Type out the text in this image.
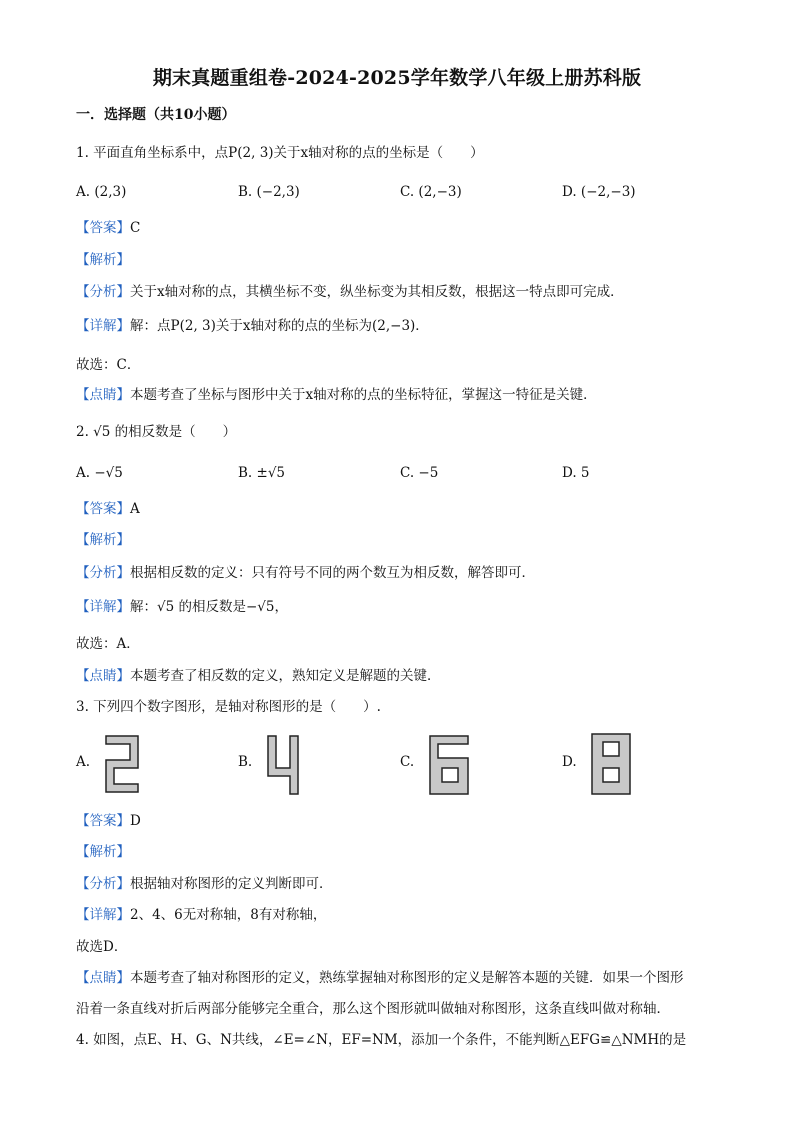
期末真题重组卷-2024-2025学年数学八年级上册苏科版
一．选择题（共10小题）
1. 平面直角坐标系中，点P(2, 3)关于x轴对称的点的坐标是（　　）
A. (2,3)	B. (−2,3)	C. (2,−3)	D. (−2,−3)
【答案】C
【解析】
【分析】关于x轴对称的点，其横坐标不变，纵坐标变为其相反数，根据这一特点即可完成．
【详解】解：点P(2, 3)关于x轴对称的点的坐标为(2,−3)．
故选：C．
【点睛】本题考查了坐标与图形中关于x轴对称的点的坐标特征，掌握这一特征是关键．
2. √5 的相反数是（　　）
A. −√5	B. ±√5	C. −5	D. 5
【答案】A
【解析】
【分析】根据相反数的定义：只有符号不同的两个数互为相反数，解答即可．
【详解】解：√5 的相反数是−√5，
故选：A．
【点睛】本题考查了相反数的定义，熟知定义是解题的关键．
3. 下列四个数字图形，是轴对称图形的是（　　）.
A.	B.	C.	D.
【答案】D
【解析】
【分析】根据轴对称图形的定义判断即可．
【详解】2、4、6无对称轴，8有对称轴，
故选D．
【点睛】本题考查了轴对称图形的定义，熟练掌握轴对称图形的定义是解答本题的关键．如果一个图形
沿着一条直线对折后两部分能够完全重合，那么这个图形就叫做轴对称图形，这条直线叫做对称轴．
4. 如图，点E、H、G、N共线，∠E=∠N，EF=NM，添加一个条件，不能判断△EFG≌△NMH的是
